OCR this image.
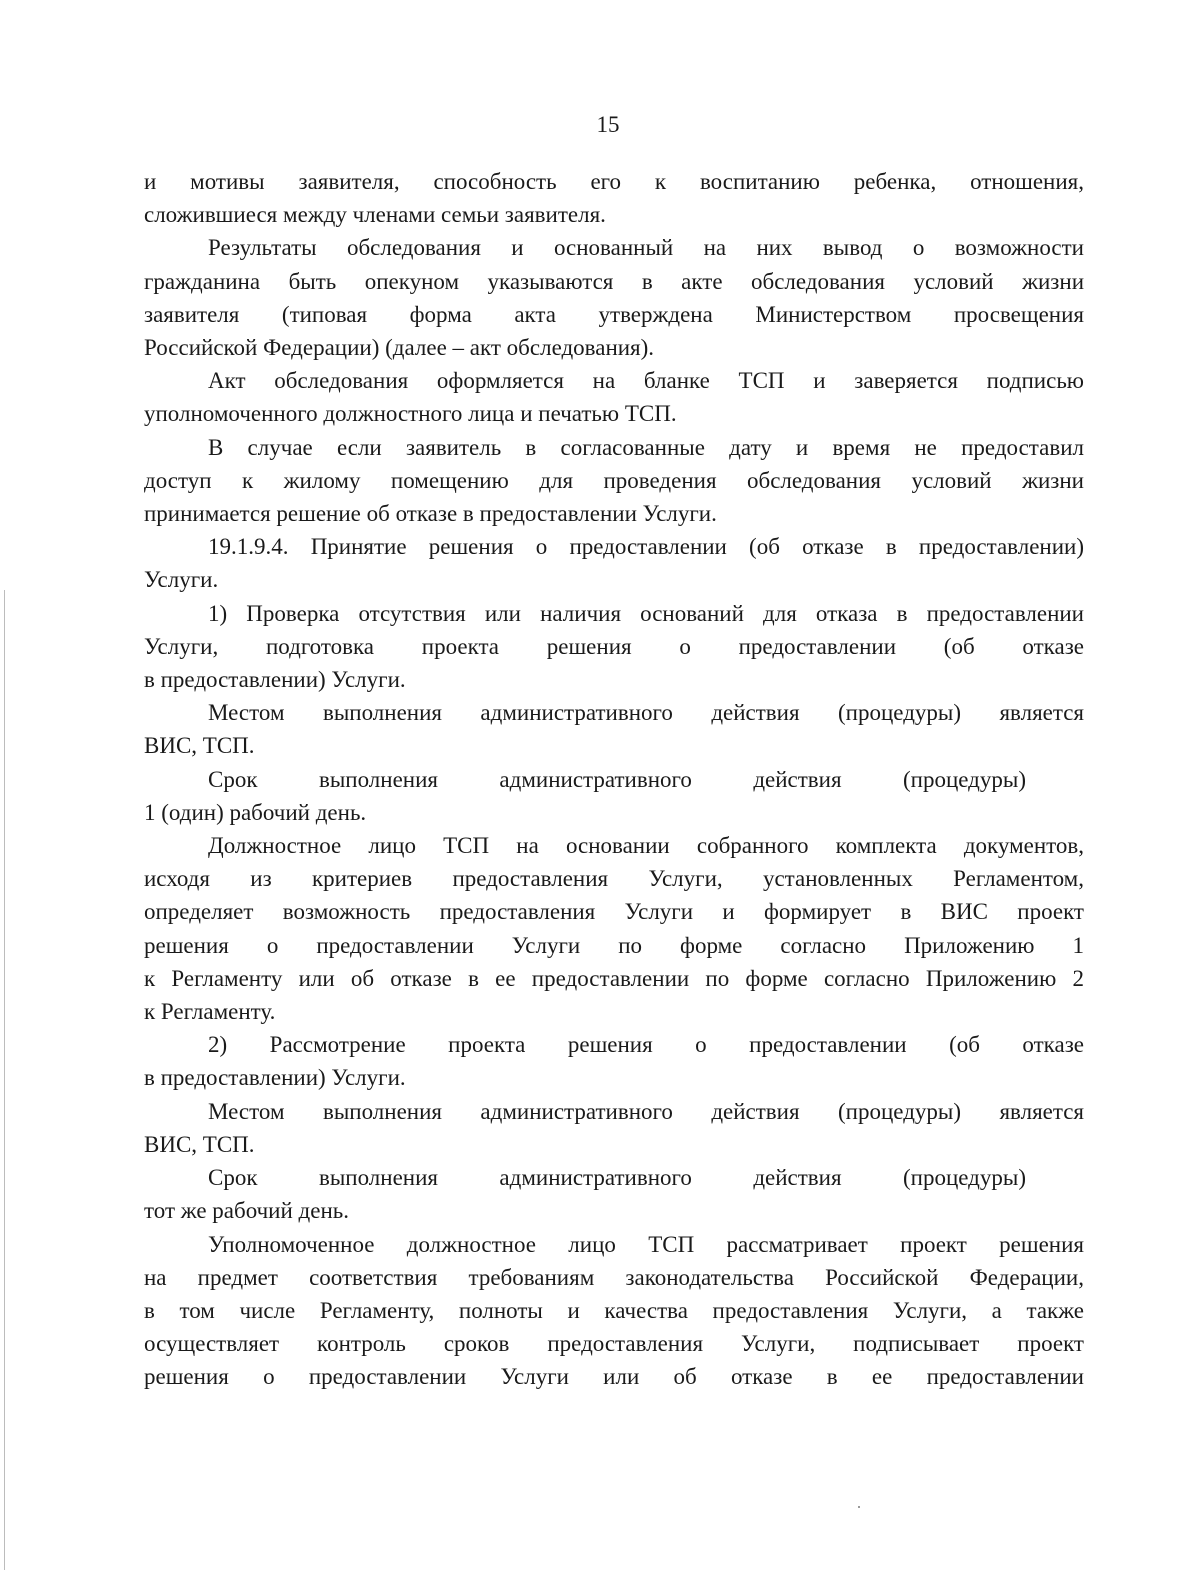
15

и мотивы заявителя, способность его к воспитанию ребенка, отношения,

сложившиеся между членами семьи заявителя.

Результаты обследования и основанный на них вывод о возможности

гражданина быть опекуном указываются в акте обследования условий жизни

заявителя (типовая форма акта утверждена Министерством просвещения

Российской Федерации) (далее – акт обследования).

Акт обследования оформляется на бланке ТСП и заверяется подписью

уполномоченного должностного лица и печатью ТСП.

В случае если заявитель в согласованные дату и время не предоставил

доступ к жилому помещению для проведения обследования условий жизни

принимается решение об отказе в предоставлении Услуги.

19.1.9.4. Принятие решения о предоставлении (об отказе в предоставлении)

Услуги.

1) Проверка отсутствия или наличия оснований для отказа в предоставлении

Услуги, подготовка проекта решения о предоставлении (об отказе

в предоставлении) Услуги.

Местом выполнения административного действия (процедуры) является

ВИС, ТСП.

Срок выполнения административного действия (процедуры)

1 (один) рабочий день.

Должностное лицо ТСП на основании собранного комплекта документов,

исходя из критериев предоставления Услуги, установленных Регламентом,

определяет возможность предоставления Услуги и формирует в ВИС проект

решения о предоставлении Услуги по форме согласно Приложению 1

к Регламенту или об отказе в ее предоставлении по форме согласно Приложению 2

к Регламенту.

2) Рассмотрение проекта решения о предоставлении (об отказе

в предоставлении) Услуги.

Местом выполнения административного действия (процедуры) является

ВИС, ТСП.

Срок выполнения административного действия (процедуры)

тот же рабочий день.

Уполномоченное должностное лицо ТСП рассматривает проект решения

на предмет соответствия требованиям законодательства Российской Федерации,

в том числе Регламенту, полноты и качества предоставления Услуги, а также

осуществляет контроль сроков предоставления Услуги, подписывает проект

решения о предоставлении Услуги или об отказе в ее предоставлении
